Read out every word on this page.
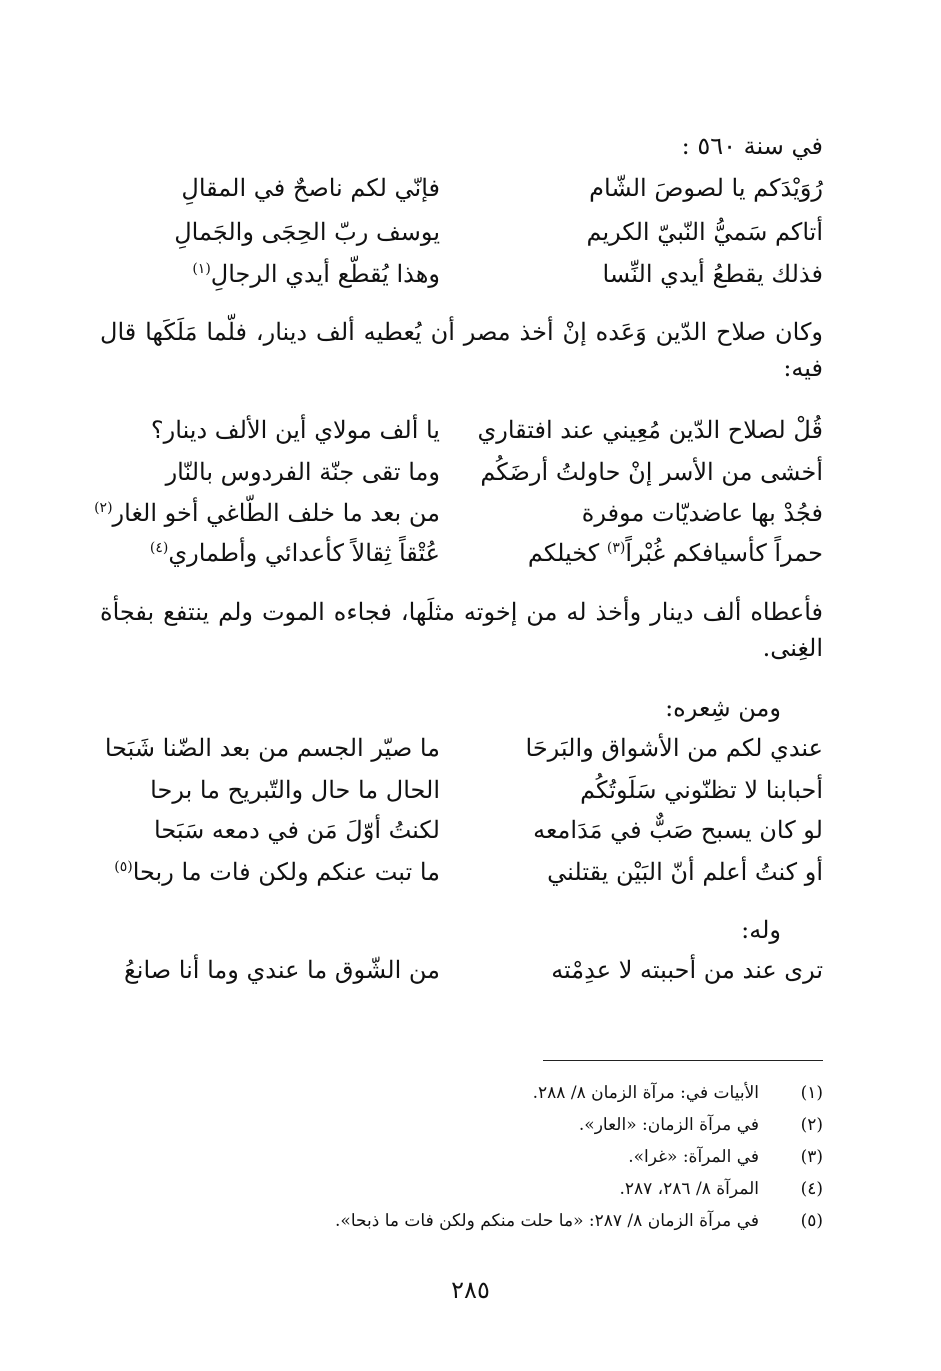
في سنة ٥٦٠ :
رُوَيْدَكم يا لصوصَ الشّام
فإنّي لكم ناصحٌ في المقالِ
أتاكم سَميُّ النّبيّ الكريم
يوسف ربّ الحِجَى والجَمالِ
فذلك يقطعُ أيدي النِّسا
وهذا يُقطّع أيدي الرجالِ$^{(١)}$
وكان صلاح الدّين وَعَده إنْ أخذ مصر أن يُعطيه ألف دينار، فلّما مَلَكَها قال فيه:
قُلْ لصلاح الدّين مُعِيني عند افتقاري
يا ألف مولاي أين الألف دينار؟
أخشى من الأسر إنْ حاولتُ أرضَكُم
وما تقى جنّة الفردوس بالنّار
فجُدْ بها عاضديّات موفرة
من بعد ما خلف الطّاغي أخو الغار$^{(٢)}$
حمراً كأسيافكم غُبْراً$^{(٣)}$ كخيلكم
عُتْقاً ثِقالاً كأعدائي وأطماري$^{(٤)}$
فأعطاه ألف دينار وأخذ له من إخوته مثلَها، فجاءه الموت ولم ينتفع بفجأة الغِنى.
ومن شِعره:
عندي لكم من الأشواق والبَرحَا
ما صيّر الجسم من بعد الضّنا شَبَحا
أحبابنا لا تظنّوني سَلَوتُكُم
الحال ما حال والتّبريح ما برحا
لو كان يسبح صَبٌّ في مَدَامعه
لكنتُ أوّلَ مَن في دمعه سَبَحا
أو كنتُ أعلم أنّ البَيْن يقتلني
ما تبت عنكم ولكن فات ما ربحا$^{(٥)}$
وله:
ترى عند من أحببته لا عدِمْته
من الشّوق ما عندي وما أنا صانعُ
(١)الأبيات في: مرآة الزمان ٨/ ٢٨٨.
(٢)في مرآة الزمان: «العار».
(٣)في المرآة: «غرا».
(٤)المرآة ٨/ ٢٨٦، ٢٨٧.
(٥)في مرآة الزمان ٨/ ٢٨٧: «ما حلت منكم ولكن فات ما ذبحا».
٢٨٥
